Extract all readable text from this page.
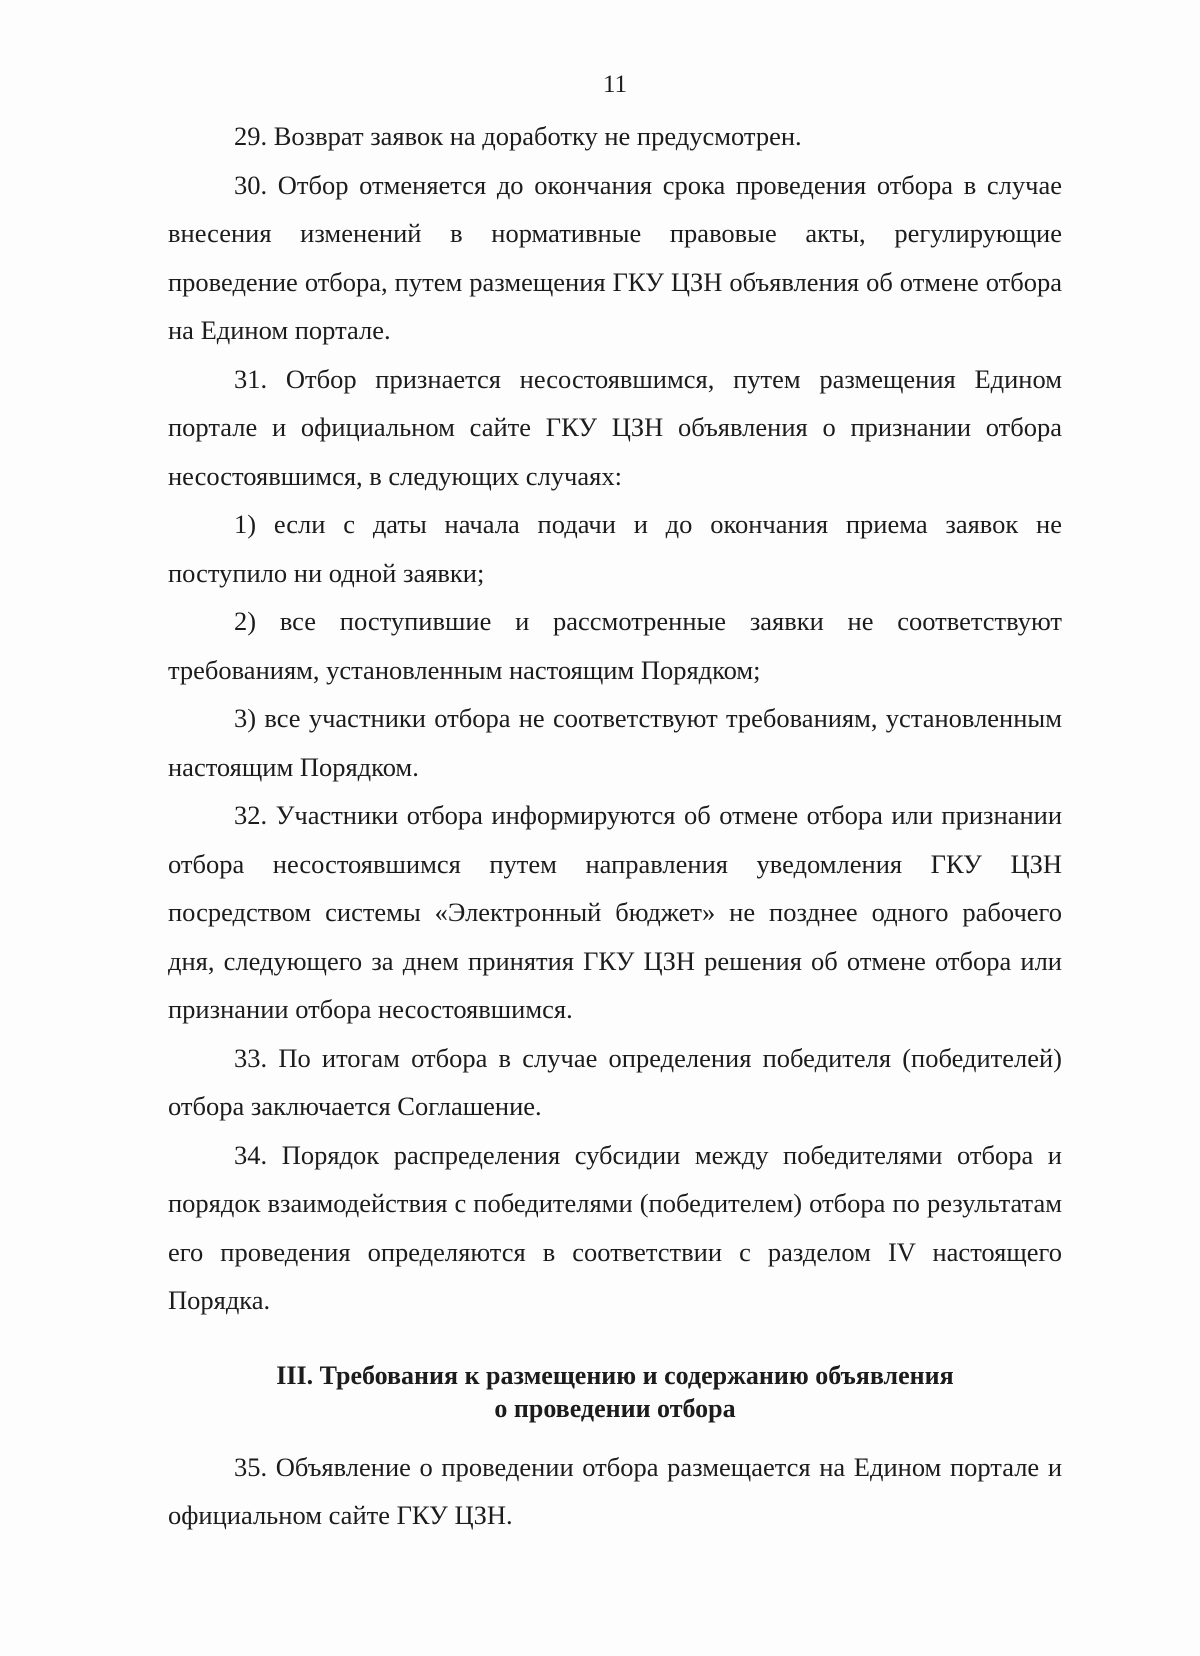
11

29. Возврат заявок на доработку не предусмотрен.

30. Отбор отменяется до окончания срока проведения отбора в случае внесения изменений в нормативные правовые акты, регулирующие проведение отбора, путем размещения ГКУ ЦЗН объявления об отмене отбора на Едином портале.

31. Отбор признается несостоявшимся, путем размещения Едином портале и официальном сайте ГКУ ЦЗН объявления о признании отбора несостоявшимся, в следующих случаях:

1) если с даты начала подачи и до окончания приема заявок не поступило ни одной заявки;

2) все поступившие и рассмотренные заявки не соответствуют требованиям, установленным настоящим Порядком;

3) все участники отбора не соответствуют требованиям, установленным настоящим Порядком.

32. Участники отбора информируются об отмене отбора или признании отбора несостоявшимся путем направления уведомления ГКУ ЦЗН посредством системы «Электронный бюджет» не позднее одного рабочего дня, следующего за днем принятия ГКУ ЦЗН решения об отмене отбора или признании отбора несостоявшимся.

33. По итогам отбора в случае определения победителя (победителей) отбора заключается Соглашение.

34. Порядок распределения субсидии между победителями отбора и порядок взаимодействия с победителями (победителем) отбора по результатам его проведения определяются в соответствии с разделом IV настоящего Порядка.

III. Требования к размещению и содержанию объявления
о проведении отбора

35. Объявление о проведении отбора размещается на Едином портале и официальном сайте ГКУ ЦЗН.
